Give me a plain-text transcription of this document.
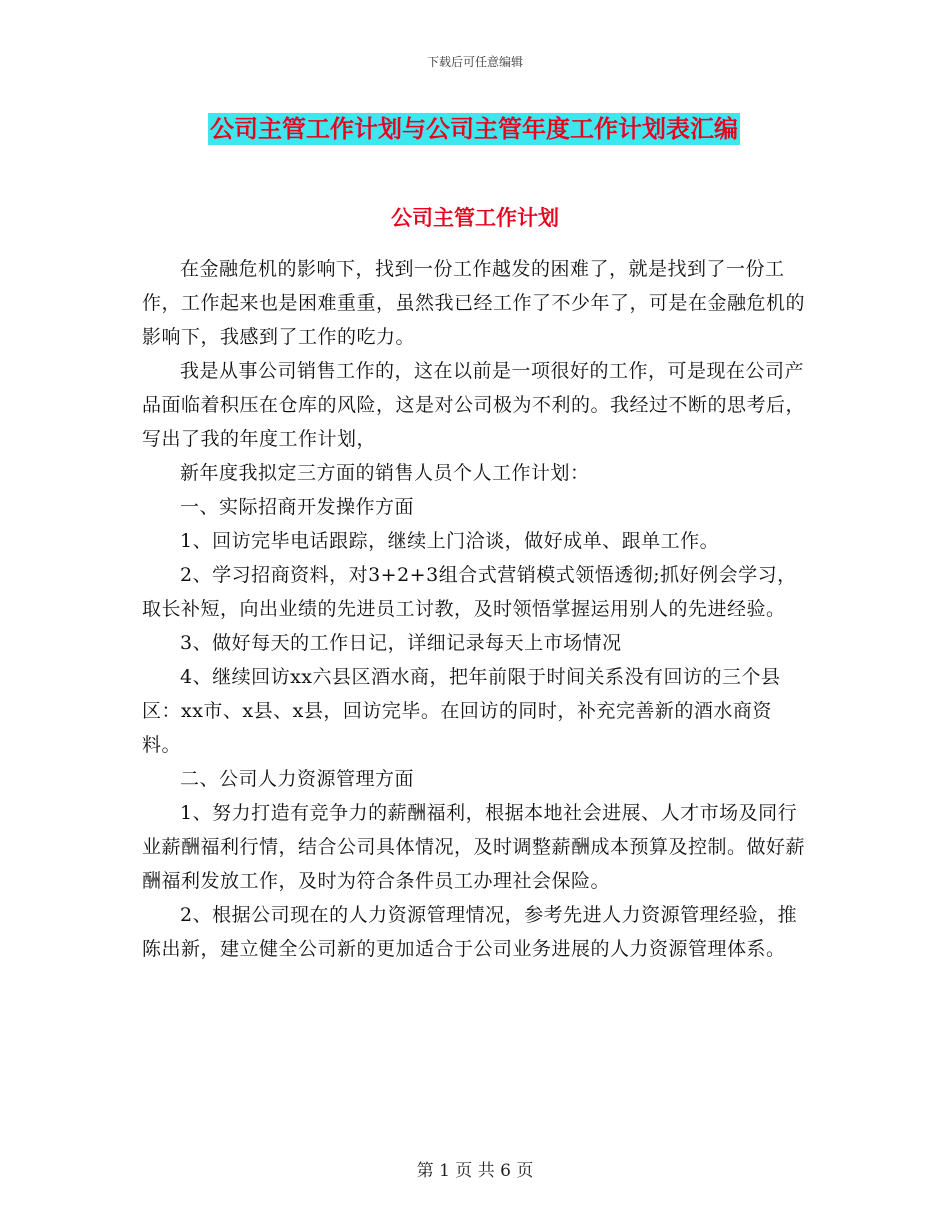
下载后可任意编辑
公司主管工作计划与公司主管年度工作计划表汇编
公司主管工作计划

在金融危机的影响下，找到一份工作越发的困难了，就是找到了一份工作，工作起来也是困难重重，虽然我已经工作了不少年了，可是在金融危机的影响下，我感到了工作的吃力。

我是从事公司销售工作的，这在以前是一项很好的工作，可是现在公司产品面临着积压在仓库的风险，这是对公司极为不利的。我经过不断的思考后，写出了我的年度工作计划，

新年度我拟定三方面的销售人员个人工作计划：

一、实际招商开发操作方面

1、回访完毕电话跟踪，继续上门洽谈，做好成单、跟单工作。

2、学习招商资料，对3+2+3组合式营销模式领悟透彻;抓好例会学习，取长补短，向出业绩的先进员工讨教，及时领悟掌握运用别人的先进经验。

3、做好每天的工作日记，详细记录每天上市场情况

4、继续回访xx六县区酒水商，把年前限于时间关系没有回访的三个县区：xx市、x县、x县，回访完毕。在回访的同时，补充完善新的酒水商资料。

二、公司人力资源管理方面

1、努力打造有竞争力的薪酬福利，根据本地社会进展、人才市场及同行业薪酬福利行情，结合公司具体情况，及时调整薪酬成本预算及控制。做好薪酬福利发放工作，及时为符合条件员工办理社会保险。

2、根据公司现在的人力资源管理情况，参考先进人力资源管理经验，推陈出新，建立健全公司新的更加适合于公司业务进展的人力资源管理体系。

第 1 页 共 6 页
